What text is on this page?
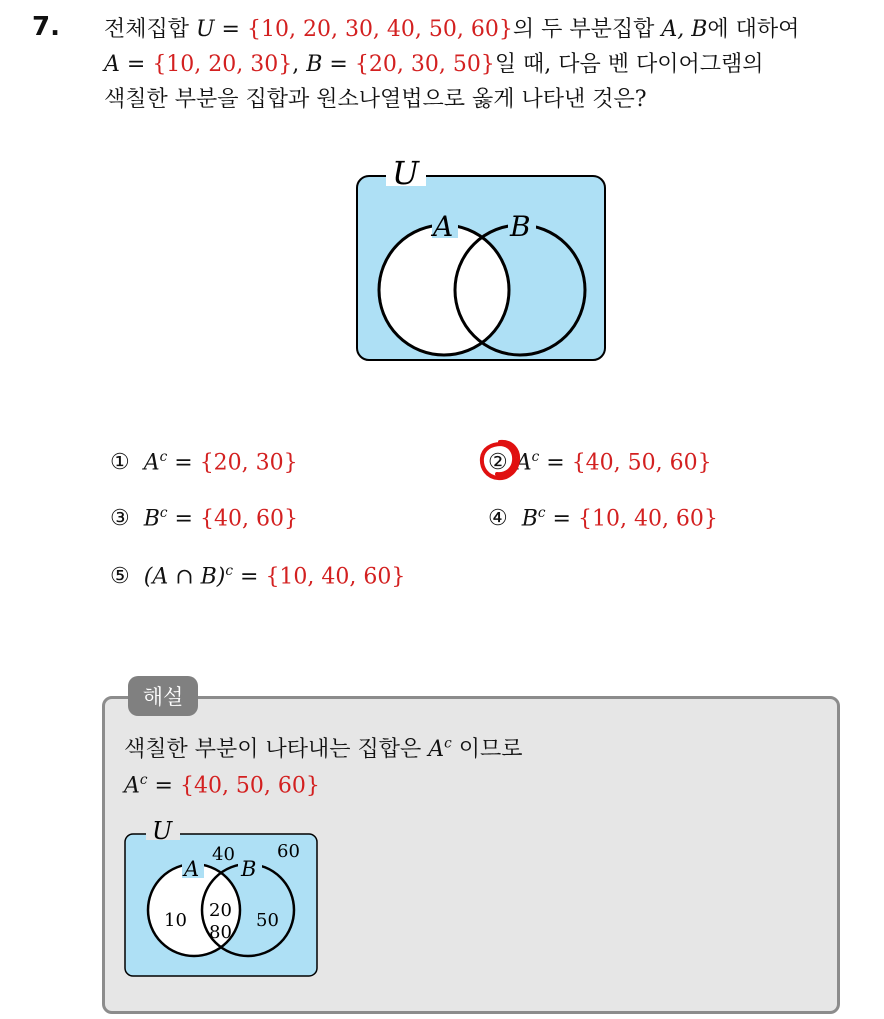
7. 전체집합 U = {10, 20, 30, 40, 50, 60}의 두 부분집합 A, B에 대하여
A = {10, 20, 30}, B = {20, 30, 50}일 때, 다음 벤 다이어그램의
색칠한 부분을 집합과 원소나열법으로 옳게 나타낸 것은?
U
A B
① $A^c = \{20$, 30}	② $A^c = \{40$, 50, 60}
③ $B^c = \{40$, 60}	④ $B^c = \{10$, 40, 60}
⑤ (A ∩ B)$^c$ = {10, 40, 60}
해설
색칠한 부분이 나타내는 집합은 $A^c$ 이므로
$A^c = \{40$, 50, 60}
U
A B
40 60
10 20
80
50
